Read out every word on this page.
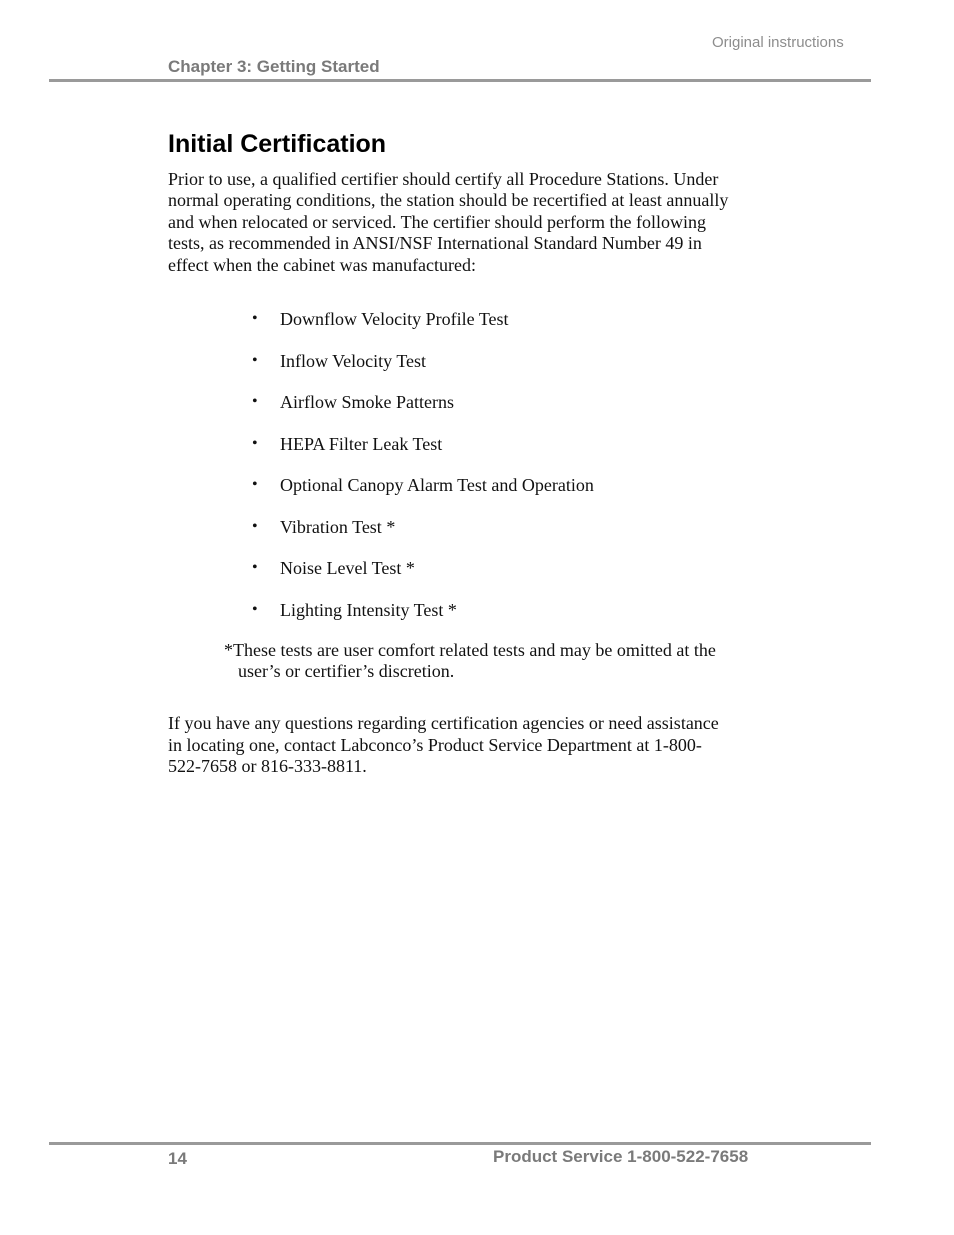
Original instructions
Chapter 3: Getting Started
Initial Certification

Prior to use, a qualified certifier should certify all Procedure Stations. Under
normal operating conditions, the station should be recertified at least annually
and when relocated or serviced. The certifier should perform the following
tests, as recommended in ANSI/NSF International Standard Number 49 in
effect when the cabinet was manufactured:

•	Downflow Velocity Profile Test
•	Inflow Velocity Test
•	Airflow Smoke Patterns
•	HEPA Filter Leak Test
•	Optional Canopy Alarm Test and Operation
•	Vibration Test *
•	Noise Level Test *
•	Lighting Intensity Test *

*These tests are user comfort related tests and may be omitted at the
user’s or certifier’s discretion.

If you have any questions regarding certification agencies or need assistance
in locating one, contact Labconco’s Product Service Department at 1-800-
522-7658 or 816-333-8811.

14	Product Service 1-800-522-7658
